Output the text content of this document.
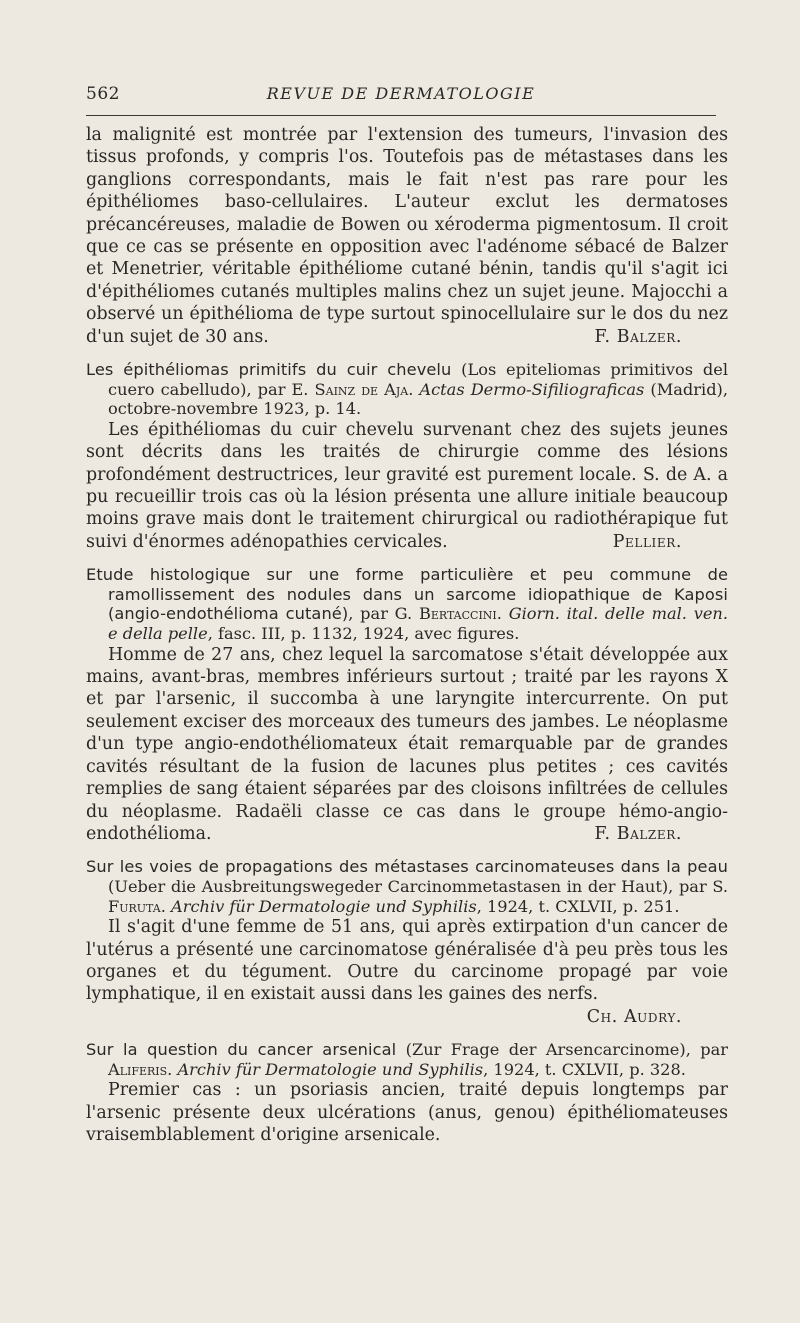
562	REVUE DE DERMATOLOGIE

la malignité est montrée par l'extension des tumeurs, l'invasion des tissus profonds, y compris l'os. Toutefois pas de métastases dans les ganglions correspondants, mais le fait n'est pas rare pour les épithéliomes baso-cellulaires. L'auteur exclut les dermatoses précancéreuses, maladie de Bowen ou xéroderma pigmentosum. Il croit que ce cas se présente en opposition avec l'adénome sébacé de Balzer et Menetrier, véritable épithéliome cutané bénin, tandis qu'il s'agit ici d'épithéliomes cutanés multiples malins chez un sujet jeune. Majocchi a observé un épithélioma de type surtout spinocellulaire sur le dos du nez d'un sujet de 30 ans.	F. Balzer.

Les épithéliomas primitifs du cuir chevelu (Los epiteliomas primitivos del cuero cabelludo), par E. Sainz de Aja. Actas Dermo-Sifiliograficas (Madrid), octobre-novembre 1923, p. 14.

Les épithéliomas du cuir chevelu survenant chez des sujets jeunes sont décrits dans les traités de chirurgie comme des lésions profondément destructrices, leur gravité est purement locale. S. de A. a pu recueillir trois cas où la lésion présenta une allure initiale beaucoup moins grave mais dont le traitement chirurgical ou radiothérapique fut suivi d'énormes adénopathies cervicales.	Pellier.

Etude histologique sur une forme particulière et peu commune de ramollissement des nodules dans un sarcome idiopathique de Kaposi (angio-endothélioma cutané), par G. Bertaccini. Giorn. ital. delle mal. ven. e della pelle, fasc. III, p. 1132, 1924, avec figures.

Homme de 27 ans, chez lequel la sarcomatose s'était développée aux mains, avant-bras, membres inférieurs surtout ; traité par les rayons X et par l'arsenic, il succomba à une laryngite intercurrente. On put seulement exciser des morceaux des tumeurs des jambes. Le néoplasme d'un type angio-endothéliomateux était remarquable par de grandes cavités résultant de la fusion de lacunes plus petites ; ces cavités remplies de sang étaient séparées par des cloisons infiltrées de cellules du néoplasme. Radaëli classe ce cas dans le groupe hémo-angio-endothélioma.	F. Balzer.

Sur les voies de propagations des métastases carcinomateuses dans la peau (Ueber die Ausbreitungswegeder Carcinommetastasen in der Haut), par S. Furuta. Archiv für Dermatologie und Syphilis, 1924, t. CXLVII, p. 251.

Il s'agit d'une femme de 51 ans, qui après extirpation d'un cancer de l'utérus a présenté une carcinomatose généralisée d'à peu près tous les organes et du tégument. Outre du carcinome propagé par voie lymphatique, il en existait aussi dans les gaines des nerfs.

Ch. Audry.

Sur la question du cancer arsenical (Zur Frage der Arsencarcinome), par Aliferis. Archiv für Dermatologie und Syphilis, 1924, t. CXLVII, p. 328.

Premier cas : un psoriasis ancien, traité depuis longtemps par l'arsenic présente deux ulcérations (anus, genou) épithéliomateuses vraisemblablement d'origine arsenicale.
